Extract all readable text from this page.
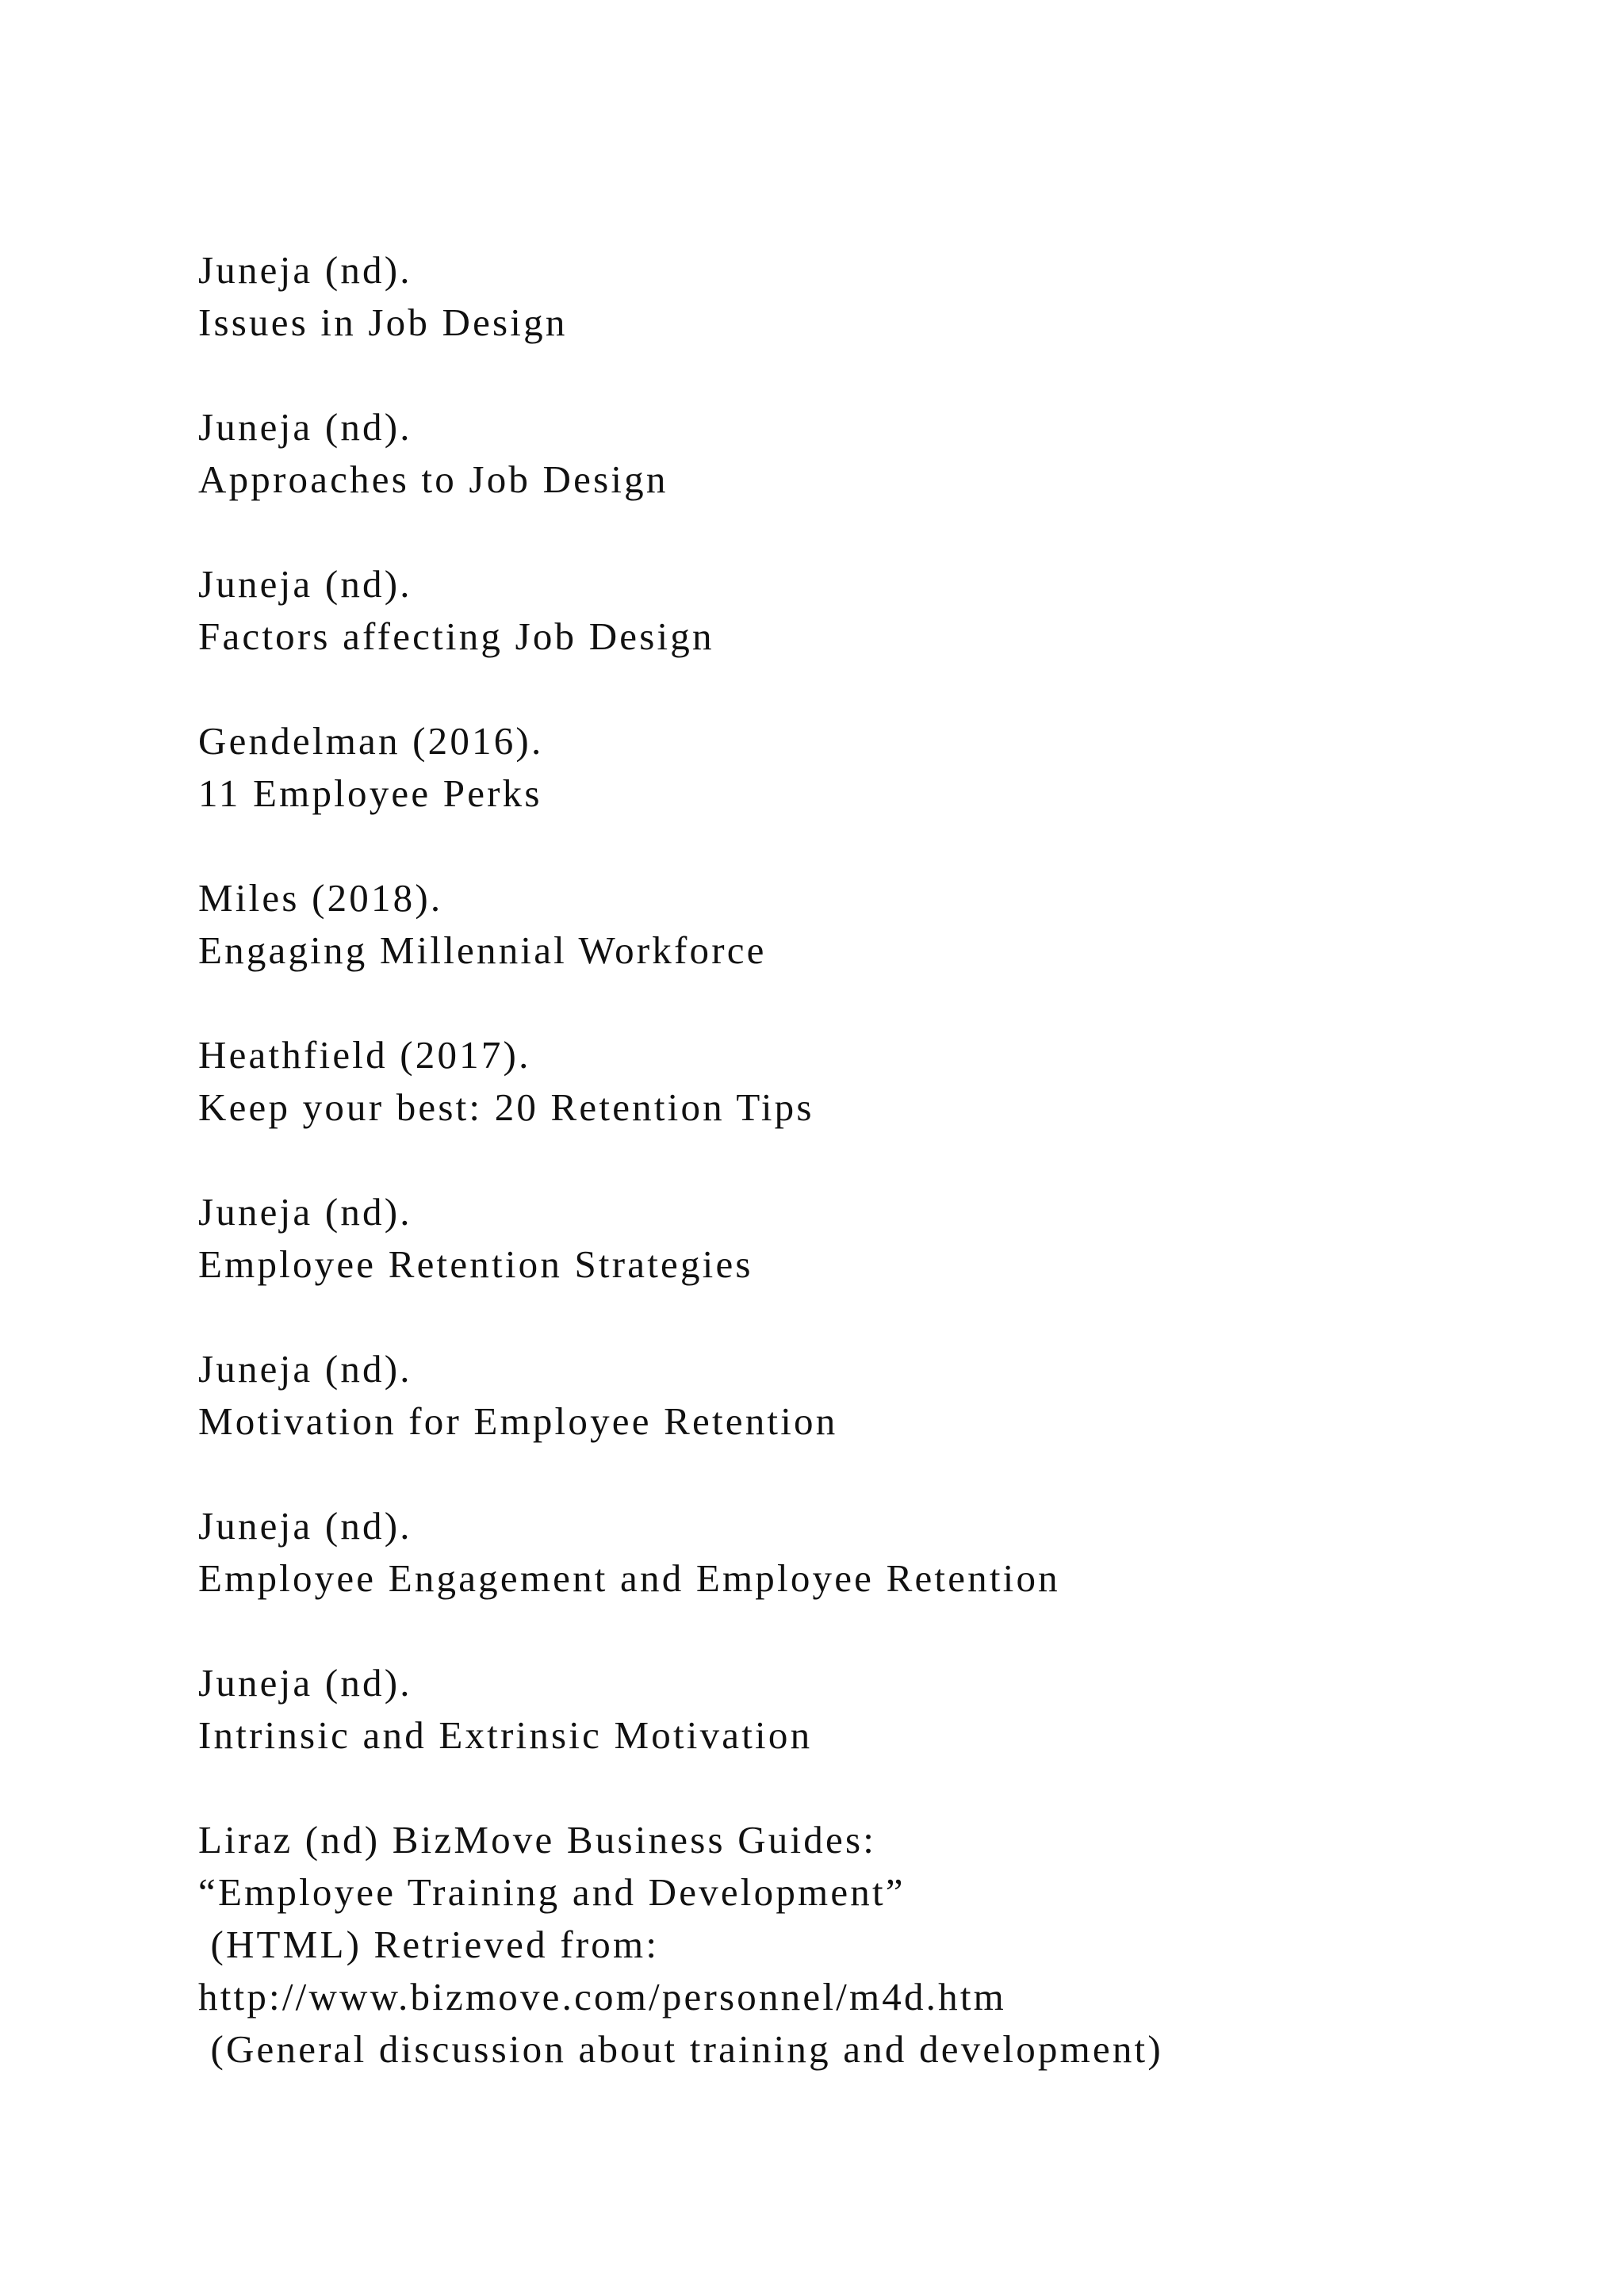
Juneja (nd).
Issues in Job Design
Juneja (nd).
Approaches to Job Design
Juneja (nd).
Factors affecting Job Design
Gendelman (2016).
11 Employee Perks
Miles (2018).
Engaging Millennial Workforce
Heathfield (2017).
Keep your best: 20 Retention Tips
Juneja (nd).
Employee Retention Strategies
Juneja (nd).
Motivation for Employee Retention
Juneja (nd).
Employee Engagement and Employee Retention
Juneja (nd).
Intrinsic and Extrinsic Motivation
Liraz (nd) BizMove Business Guides:
“Employee Training and Development”
(HTML) Retrieved from:
http://www.bizmove.com/personnel/m4d.htm
(General discussion about training and development)
